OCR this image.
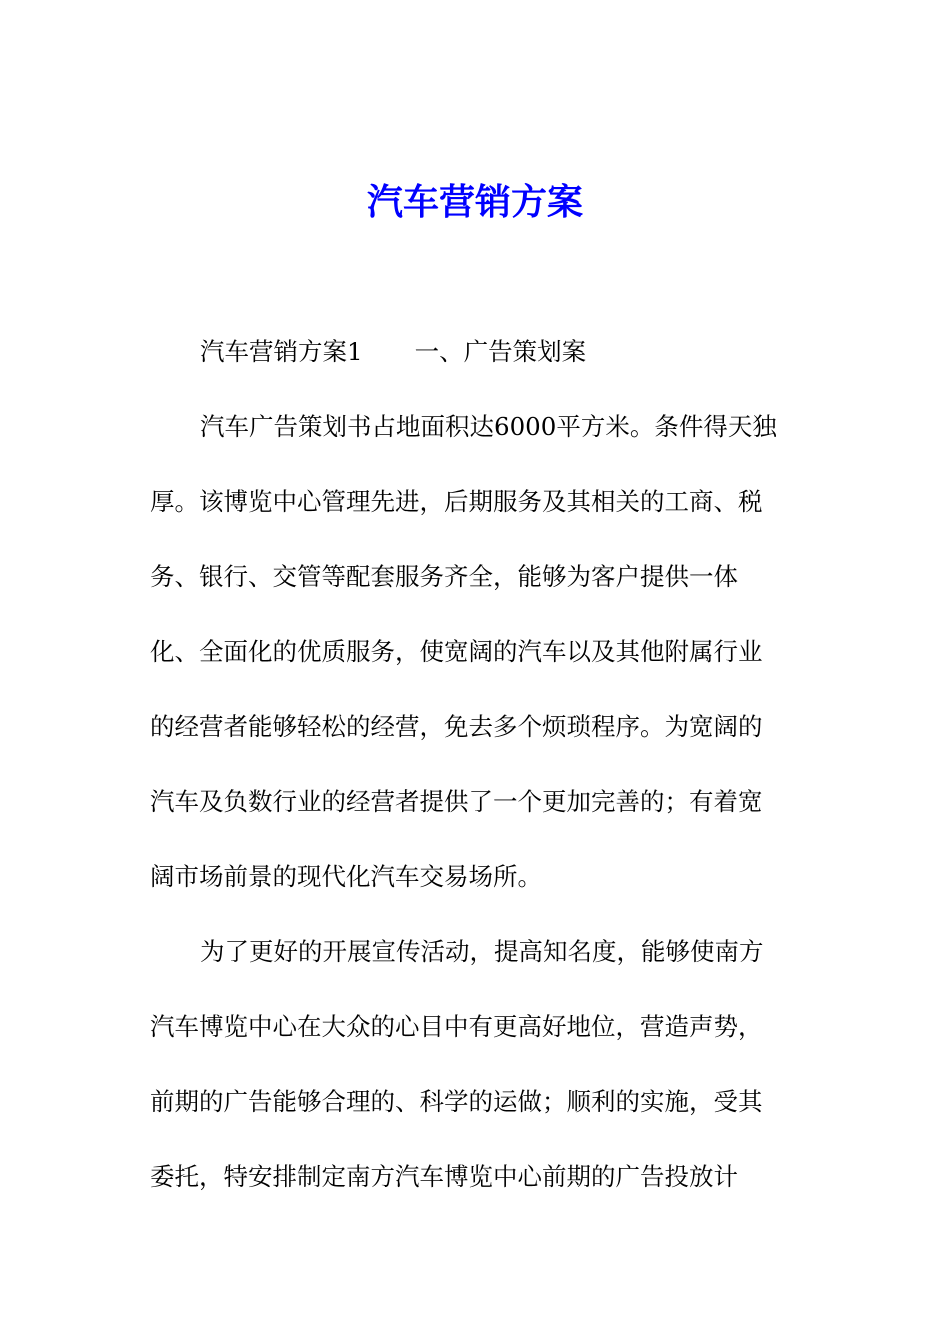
汽车营销方案

汽车营销方案1 一、广告策划案

汽车广告策划书占地面积达6000平方米。条件得天独

厚。该博览中心管理先进，后期服务及其相关的工商、税

务、银行、交管等配套服务齐全，能够为客户提供一体

化、全面化的优质服务，使宽阔的汽车以及其他附属行业

的经营者能够轻松的经营，免去多个烦琐程序。为宽阔的

汽车及负数行业的经营者提供了一个更加完善的；有着宽

阔市场前景的现代化汽车交易场所。

为了更好的开展宣传活动，提高知名度，能够使南方

汽车博览中心在大众的心目中有更高好地位，营造声势，

前期的广告能够合理的、科学的运做；顺利的实施，受其

委托，特安排制定南方汽车博览中心前期的广告投放计
